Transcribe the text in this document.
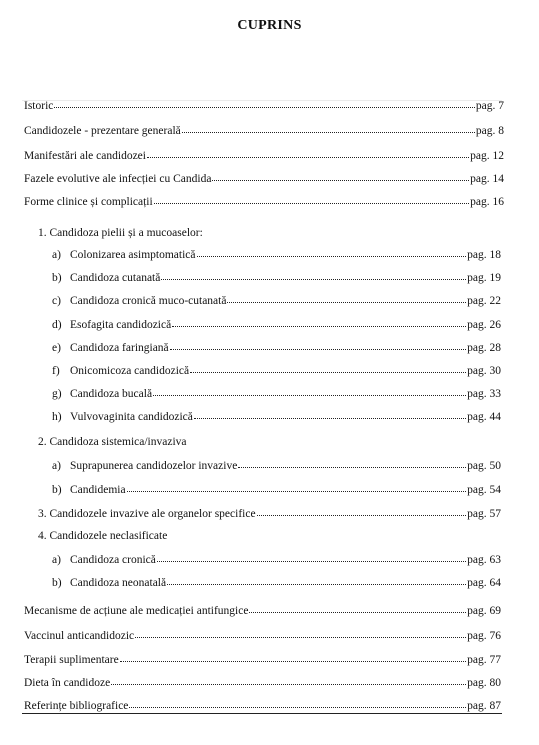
CUPRINS
Istoric	pag. 7
Candidozele - prezentare generală	pag. 8
Manifestări ale candidozei	pag. 12
Fazele evolutive ale infecției cu Candida	pag. 14
Forme clinice și complicații	pag. 16
1. Candidoza pielii și a mucoaselor:
a) Colonizarea asimptomatică	pag. 18
b) Candidoza cutanată	pag. 19
c) Candidoza cronică muco-cutanată	pag. 22
d) Esofagita candidozică	pag. 26
e) Candidoza faringiană	pag. 28
f) Onicomicoza candidozică	pag. 30
g) Candidoza bucală	pag. 33
h) Vulvovaginita candidozică	pag. 44
2. Candidoza sistemica/invaziva
a) Suprapunerea candidozelor invazive	pag. 50
b) Candidemia	pag. 54
3. Candidozele invazive ale organelor specifice	pag. 57
4. Candidozele neclasificate
a) Candidoza cronică	pag. 63
b) Candidoza neonatală	pag. 64
Mecanisme de acțiune ale medicației antifungice	pag. 69
Vaccinul anticandidozic	pag. 76
Terapii suplimentare	pag. 77
Dieta în candidoze	pag. 80
Referințe bibliografice	pag. 87
